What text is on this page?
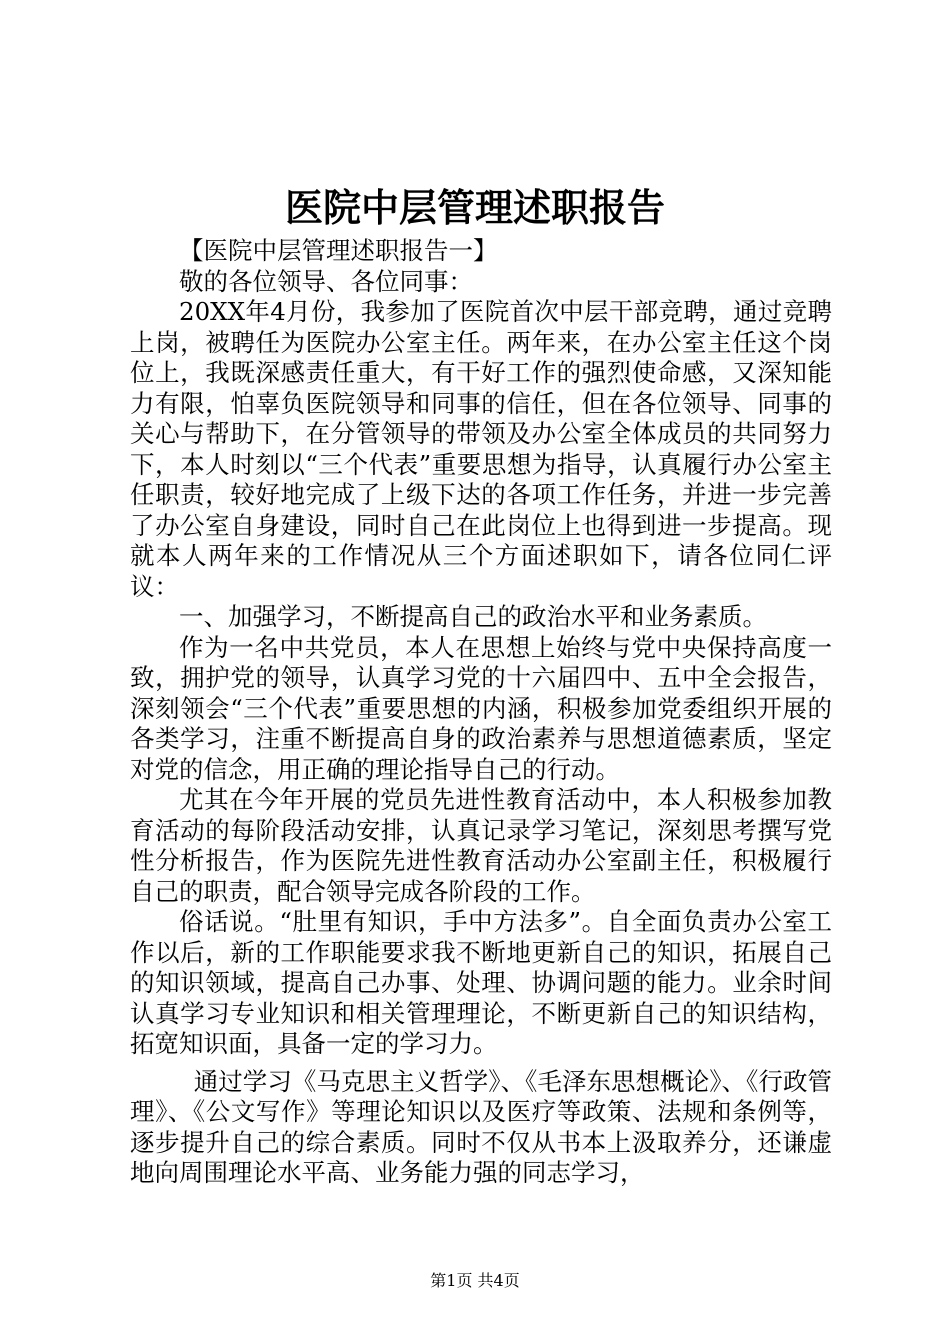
医院中层管理述职报告

【医院中层管理述职报告一】

敬的各位领导、各位同事：

20XX年4月份，我参加了医院首次中层干部竞聘，通过竞聘上岗，被聘任为医院办公室主任。两年来，在办公室主任这个岗位上，我既深感责任重大，有干好工作的强烈使命感，又深知能力有限，怕辜负医院领导和同事的信任，但在各位领导、同事的关心与帮助下，在分管领导的带领及办公室全体成员的共同努力下，本人时刻以“三个代表”重要思想为指导，认真履行办公室主任职责，较好地完成了上级下达的各项工作任务，并进一步完善了办公室自身建设，同时自己在此岗位上也得到进一步提高。现就本人两年来的工作情况从三个方面述职如下，请各位同仁评议：

一、加强学习，不断提高自己的政治水平和业务素质。

作为一名中共党员，本人在思想上始终与党中央保持高度一致，拥护党的领导，认真学习党的十六届四中、五中全会报告，深刻领会“三个代表”重要思想的内涵，积极参加党委组织开展的各类学习，注重不断提高自身的政治素养与思想道德素质，坚定对党的信念，用正确的理论指导自己的行动。

尤其在今年开展的党员先进性教育活动中，本人积极参加教育活动的每阶段活动安排，认真记录学习笔记，深刻思考撰写党性分析报告，作为医院先进性教育活动办公室副主任，积极履行自己的职责，配合领导完成各阶段的工作。

俗话说。“肚里有知识，手中方法多”。自全面负责办公室工作以后，新的工作职能要求我不断地更新自己的知识，拓展自己的知识领域，提高自己办事、处理、协调问题的能力。业余时间认真学习专业知识和相关管理理论，不断更新自己的知识结构，拓宽知识面，具备一定的学习力。

通过学习《马克思主义哲学》、《毛泽东思想概论》、《行政管理》、《公文写作》等理论知识以及医疗等政策、法规和条例等，逐步提升自己的综合素质。同时不仅从书本上汲取养分，还谦虚地向周围理论水平高、业务能力强的同志学习，

第1页 共4页
